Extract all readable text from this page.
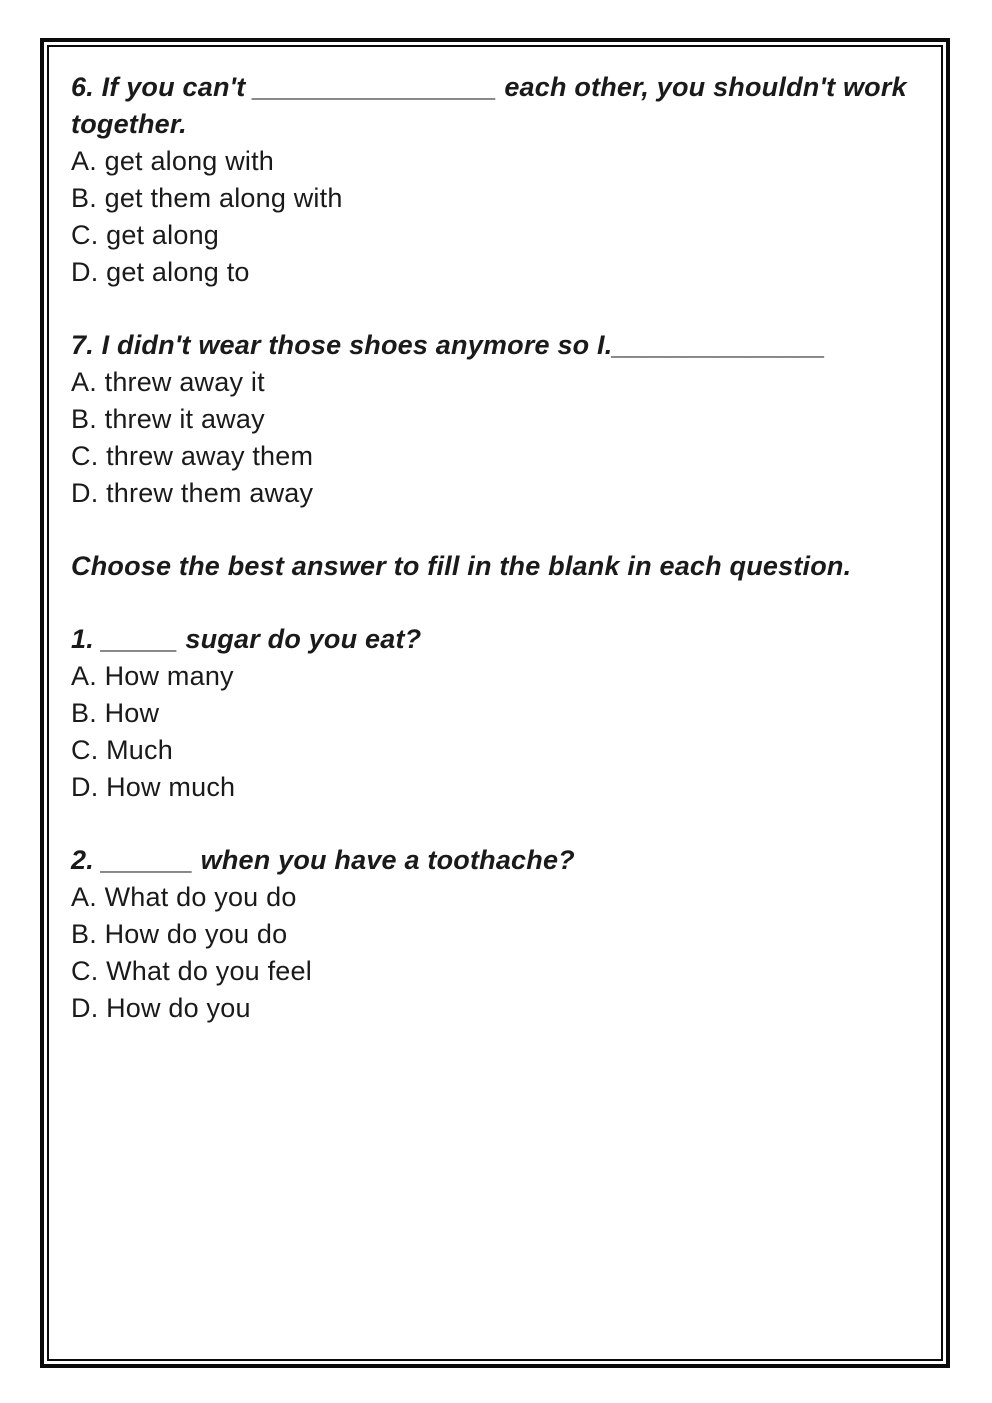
6. If you can't ________________ each other, you shouldn't work together.
A. get along with
B. get them along with
C. get along
D. get along to
7. I didn't wear those shoes anymore so I.______________
A. threw away it
B. threw it away
C. threw away them
D. threw them away
Choose the best answer to fill in the blank in each question.
1. _____ sugar do you eat?
A. How many
B. How
C. Much
D. How much
2. ______ when you have a toothache?
A. What do you do
B. How do you do
C. What do you feel
D. How do you
